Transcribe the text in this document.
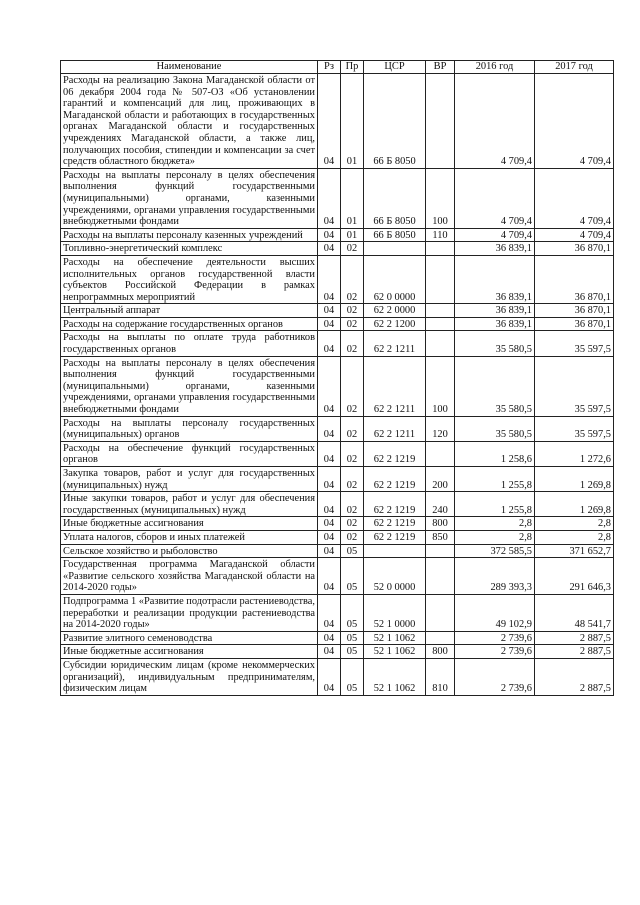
Наименование	Рз	Пр	ЦСР	ВР	2016 год	2017 год
Расходы на реализацию Закона Магаданской области от 06 декабря 2004 года № 507-ОЗ «Об установлении гарантий и компенсаций для лиц, проживающих в Магаданской области и работающих в государственных органах Магаданской области и государственных учреждениях Магаданской области, а также лиц, получающих пособия, стипендии и компенсации за счет средств областного бюджета»	04	01	66 Б 8050		4 709,4	4 709,4
Расходы на выплаты персоналу в целях обеспечения выполнения функций государственными (муниципальными) органами, казенными учреждениями, органами управления государственными внебюджетными фондами	04	01	66 Б 8050	100	4 709,4	4 709,4
Расходы на выплаты персоналу казенных учреждений	04	01	66 Б 8050	110	4 709,4	4 709,4
Топливно-энергетический комплекс	04	02			36 839,1	36 870,1
Расходы на обеспечение деятельности высших исполнительных органов государственной власти субъектов Российской Федерации в рамках непрограммных мероприятий	04	02	62 0 0000		36 839,1	36 870,1
Центральный аппарат	04	02	62 2 0000		36 839,1	36 870,1
Расходы на содержание государственных органов	04	02	62 2 1200		36 839,1	36 870,1
Расходы на выплаты по оплате труда работников государственных органов	04	02	62 2 1211		35 580,5	35 597,5
Расходы на выплаты персоналу в целях обеспечения выполнения функций государственными (муниципальными) органами, казенными учреждениями, органами управления государственными внебюджетными фондами	04	02	62 2 1211	100	35 580,5	35 597,5
Расходы на выплаты персоналу государственных (муниципальных) органов	04	02	62 2 1211	120	35 580,5	35 597,5
Расходы на обеспечение функций государственных органов	04	02	62 2 1219		1 258,6	1 272,6
Закупка товаров, работ и услуг для государственных (муниципальных) нужд	04	02	62 2 1219	200	1 255,8	1 269,8
Иные закупки товаров, работ и услуг для обеспечения государственных (муниципальных) нужд	04	02	62 2 1219	240	1 255,8	1 269,8
Иные бюджетные ассигнования	04	02	62 2 1219	800	2,8	2,8
Уплата налогов, сборов и иных платежей	04	02	62 2 1219	850	2,8	2,8
Сельское хозяйство и рыболовство	04	05			372 585,5	371 652,7
Государственная программа Магаданской области «Развитие сельского хозяйства Магаданской области на 2014-2020 годы»	04	05	52 0 0000		289 393,3	291 646,3
Подпрограмма 1 «Развитие подотрасли растениеводства, переработки и реализации продукции растениеводства на 2014-2020 годы»	04	05	52 1 0000		49 102,9	48 541,7
Развитие элитного семеноводства	04	05	52 1 1062		2 739,6	2 887,5
Иные бюджетные ассигнования	04	05	52 1 1062	800	2 739,6	2 887,5
Субсидии юридическим лицам (кроме некоммерческих организаций), индивидуальным предпринимателям, физическим лицам	04	05	52 1 1062	810	2 739,6	2 887,5
